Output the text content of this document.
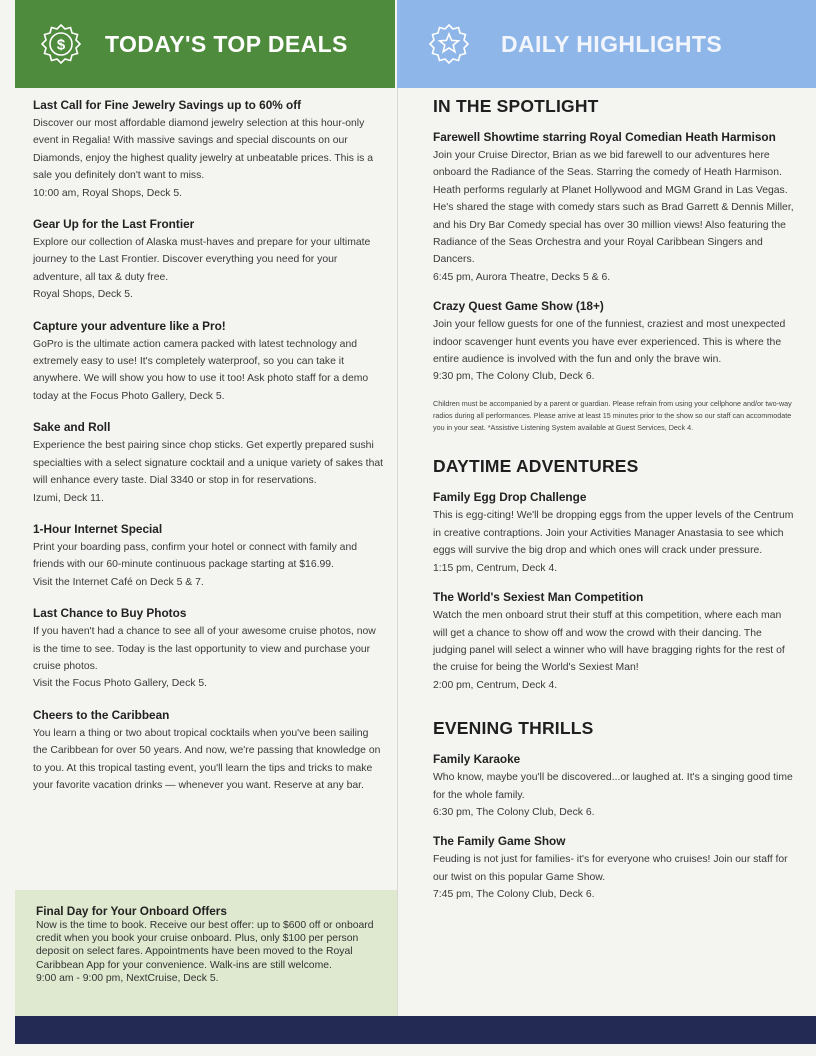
$ TODAY'S TOP DEALS	DAILY HIGHLIGHTS
Last Call for Fine Jewelry Savings up to 60% off

Discover our most affordable diamond jewelry selection at this hour-only event in Regalia! With massive savings and special discounts on our Diamonds, enjoy the highest quality jewelry at unbeatable prices. This is a sale you definitely don't want to miss.

10:00 am, Royal Shops, Deck 5.
Gear Up for the Last Frontier

Explore our collection of Alaska must-haves and prepare for your ultimate journey to the Last Frontier. Discover everything you need for your adventure, all tax & duty free.

Royal Shops, Deck 5.
Capture your adventure like a Pro!

GoPro is the ultimate action camera packed with latest technology and extremely easy to use! It's completely waterproof, so you can take it anywhere. We will show you how to use it too! Ask photo staff for a demo today at the Focus Photo Gallery, Deck 5.

Sake and Roll

Experience the best pairing since chop sticks. Get expertly prepared sushi specialties with a select signature cocktail and a unique variety of sakes that will enhance every taste. Dial 3340 or stop in for reservations.

Izumi, Deck 11.
1-Hour Internet Special

Print your boarding pass, confirm your hotel or connect with family and friends with our 60-minute continuous package starting at $16.99.

Visit the Internet Café on Deck 5 & 7.
Last Chance to Buy Photos

If you haven't had a chance to see all of your awesome cruise photos, now is the time to see. Today is the last opportunity to view and purchase your cruise photos.

Visit the Focus Photo Gallery, Deck 5.
Cheers to the Caribbean

You learn a thing or two about tropical cocktails when you've been sailing the Caribbean for over 50 years. And now, we're passing that knowledge on to you. At this tropical tasting event, you'll learn the tips and tricks to make your favorite vacation drinks — whenever you want. Reserve at any bar.

Final Day for Your Onboard Offers

Now is the time to book. Receive our best offer: up to $600 off or onboard credit when you book your cruise onboard. Plus, only $100 per person deposit on select fares. Appointments have been moved to the Royal Caribbean App for your convenience. Walk-ins are still welcome.

9:00 am - 9:00 pm, NextCruise, Deck 5.

IN THE SPOTLIGHT
Farewell Showtime starring Royal Comedian Heath Harmison

Join your Cruise Director, Brian as we bid farewell to our adventures here onboard the Radiance of the Seas. Starring the comedy of Heath Harmison. Heath performs regularly at Planet Hollywood and MGM Grand in Las Vegas. He's shared the stage with comedy stars such as Brad Garrett & Dennis Miller, and his Dry Bar Comedy special has over 30 million views! Also featuring the Radiance of the Seas Orchestra and your Royal Caribbean Singers and Dancers.

6:45 pm, Aurora Theatre, Decks 5 & 6.
Crazy Quest Game Show (18+)

Join your fellow guests for one of the funniest, craziest and most unexpected indoor scavenger hunt events you have ever experienced. This is where the entire audience is involved with the fun and only the brave win.

9:30 pm, The Colony Club, Deck 6.

Children must be accompanied by a parent or guardian. Please refrain from using your cellphone and/or two-way radios during all performances. Please arrive at least 15 minutes prior to the show so our staff can accommodate you in your seat. *Assistive Listening System available at Guest Services, Deck 4.

DAYTIME ADVENTURES
Family Egg Drop Challenge

This is egg-citing! We'll be dropping eggs from the upper levels of the Centrum in creative contraptions. Join your Activities Manager Anastasia to see which eggs will survive the big drop and which ones will crack under pressure.

1:15 pm, Centrum, Deck 4.
The World's Sexiest Man Competition

Watch the men onboard strut their stuff at this competition, where each man will get a chance to show off and wow the crowd with their dancing. The judging panel will select a winner who will have bragging rights for the rest of the cruise for being the World's Sexiest Man!

2:00 pm, Centrum, Deck 4.
EVENING THRILLS
Family Karaoke

Who know, maybe you'll be discovered...or laughed at. It's a singing good time for the whole family.

6:30 pm, The Colony Club, Deck 6.
The Family Game Show

Feuding is not just for families- it's for everyone who cruises! Join our staff for our twist on this popular Game Show.

7:45 pm, The Colony Club, Deck 6.
